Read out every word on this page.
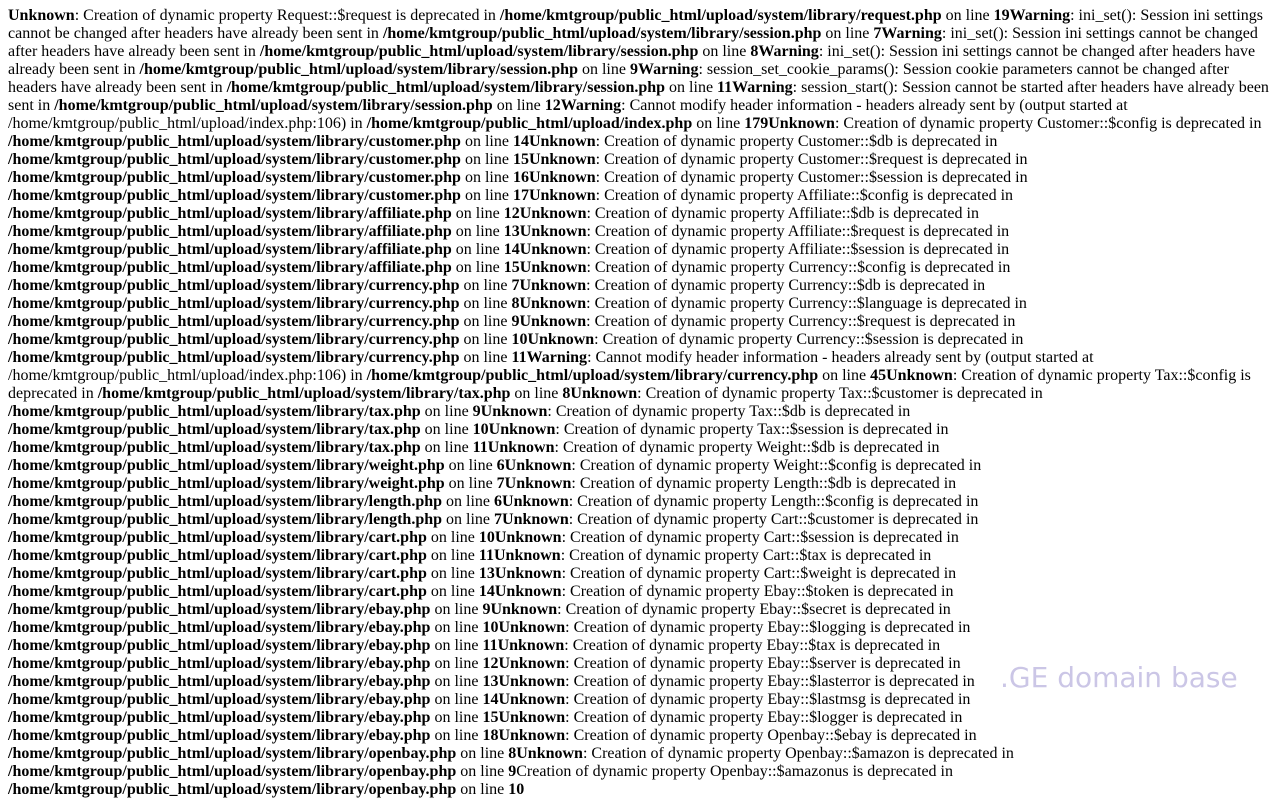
Unknown: Creation of dynamic property Request::$request is deprecated in /home/kmtgroup/public_html/upload/system/library/request.php on line 19Warning: ini_set(): Session ini settings cannot be changed after headers have already been sent in /home/kmtgroup/public_html/upload/system/library/session.php on line 7Warning: ini_set(): Session ini settings cannot be changed after headers have already been sent in /home/kmtgroup/public_html/upload/system/library/session.php on line 8Warning: ini_set(): Session ini settings cannot be changed after headers have already been sent in /home/kmtgroup/public_html/upload/system/library/session.php on line 9Warning: session_set_cookie_params(): Session cookie parameters cannot be changed after headers have already been sent in /home/kmtgroup/public_html/upload/system/library/session.php on line 11Warning: session_start(): Session cannot be started after headers have already been sent in /home/kmtgroup/public_html/upload/system/library/session.php on line 12Warning: Cannot modify header information - headers already sent by (output started at /home/kmtgroup/public_html/upload/index.php:106) in /home/kmtgroup/public_html/upload/index.php on line 179Unknown: Creation of dynamic property Customer::$config is deprecated in /home/kmtgroup/public_html/upload/system/library/customer.php on line 14Unknown: Creation of dynamic property Customer::$db is deprecated in /home/kmtgroup/public_html/upload/system/library/customer.php on line 15Unknown: Creation of dynamic property Customer::$request is deprecated in /home/kmtgroup/public_html/upload/system/library/customer.php on line 16Unknown: Creation of dynamic property Customer::$session is deprecated in /home/kmtgroup/public_html/upload/system/library/customer.php on line 17Unknown: Creation of dynamic property Affiliate::$config is deprecated in /home/kmtgroup/public_html/upload/system/library/affiliate.php on line 12Unknown: Creation of dynamic property Affiliate::$db is deprecated in /home/kmtgroup/public_html/upload/system/library/affiliate.php on line 13Unknown: Creation of dynamic property Affiliate::$request is deprecated in /home/kmtgroup/public_html/upload/system/library/affiliate.php on line 14Unknown: Creation of dynamic property Affiliate::$session is deprecated in /home/kmtgroup/public_html/upload/system/library/affiliate.php on line 15Unknown: Creation of dynamic property Currency::$config is deprecated in /home/kmtgroup/public_html/upload/system/library/currency.php on line 7Unknown: Creation of dynamic property Currency::$db is deprecated in /home/kmtgroup/public_html/upload/system/library/currency.php on line 8Unknown: Creation of dynamic property Currency::$language is deprecated in /home/kmtgroup/public_html/upload/system/library/currency.php on line 9Unknown: Creation of dynamic property Currency::$request is deprecated in /home/kmtgroup/public_html/upload/system/library/currency.php on line 10Unknown: Creation of dynamic property Currency::$session is deprecated in /home/kmtgroup/public_html/upload/system/library/currency.php on line 11Warning: Cannot modify header information - headers already sent by (output started at /home/kmtgroup/public_html/upload/index.php:106) in /home/kmtgroup/public_html/upload/system/library/currency.php on line 45Unknown: Creation of dynamic property Tax::$config is deprecated in /home/kmtgroup/public_html/upload/system/library/tax.php on line 8Unknown: Creation of dynamic property Tax::$customer is deprecated in /home/kmtgroup/public_html/upload/system/library/tax.php on line 9Unknown: Creation of dynamic property Tax::$db is deprecated in /home/kmtgroup/public_html/upload/system/library/tax.php on line 10Unknown: Creation of dynamic property Tax::$session is deprecated in /home/kmtgroup/public_html/upload/system/library/tax.php on line 11Unknown: Creation of dynamic property Weight::$db is deprecated in /home/kmtgroup/public_html/upload/system/library/weight.php on line 6Unknown: Creation of dynamic property Weight::$config is deprecated in /home/kmtgroup/public_html/upload/system/library/weight.php on line 7Unknown: Creation of dynamic property Length::$db is deprecated in /home/kmtgroup/public_html/upload/system/library/length.php on line 6Unknown: Creation of dynamic property Length::$config is deprecated in /home/kmtgroup/public_html/upload/system/library/length.php on line 7Unknown: Creation of dynamic property Cart::$customer is deprecated in /home/kmtgroup/public_html/upload/system/library/cart.php on line 10Unknown: Creation of dynamic property Cart::$session is deprecated in /home/kmtgroup/public_html/upload/system/library/cart.php on line 11Unknown: Creation of dynamic property Cart::$tax is deprecated in /home/kmtgroup/public_html/upload/system/library/cart.php on line 13Unknown: Creation of dynamic property Cart::$weight is deprecated in /home/kmtgroup/public_html/upload/system/library/cart.php on line 14Unknown: Creation of dynamic property Ebay::$token is deprecated in /home/kmtgroup/public_html/upload/system/library/ebay.php on line 9Unknown: Creation of dynamic property Ebay::$secret is deprecated in /home/kmtgroup/public_html/upload/system/library/ebay.php on line 10Unknown: Creation of dynamic property Ebay::$logging is deprecated in /home/kmtgroup/public_html/upload/system/library/ebay.php on line 11Unknown: Creation of dynamic property Ebay::$tax is deprecated in /home/kmtgroup/public_html/upload/system/library/ebay.php on line 12Unknown: Creation of dynamic property Ebay::$server is deprecated in /home/kmtgroup/public_html/upload/system/library/ebay.php on line 13Unknown: Creation of dynamic property Ebay::$lasterror is deprecated in /home/kmtgroup/public_html/upload/system/library/ebay.php on line 14Unknown: Creation of dynamic property Ebay::$lastmsg is deprecated in /home/kmtgroup/public_html/upload/system/library/ebay.php on line 15Unknown: Creation of dynamic property Ebay::$logger is deprecated in /home/kmtgroup/public_html/upload/system/library/ebay.php on line 18Unknown: Creation of dynamic property Openbay::$ebay is deprecated in /home/kmtgroup/public_html/upload/system/library/openbay.php on line 8Unknown: Creation of dynamic property Openbay::$amazon is deprecated in /home/kmtgroup/public_html/upload/system/library/openbay.php on line 9Creation of dynamic property Openbay::$amazonus is deprecated in /home/kmtgroup/public_html/upload/system/library/openbay.php on line 10
.GE domain base
